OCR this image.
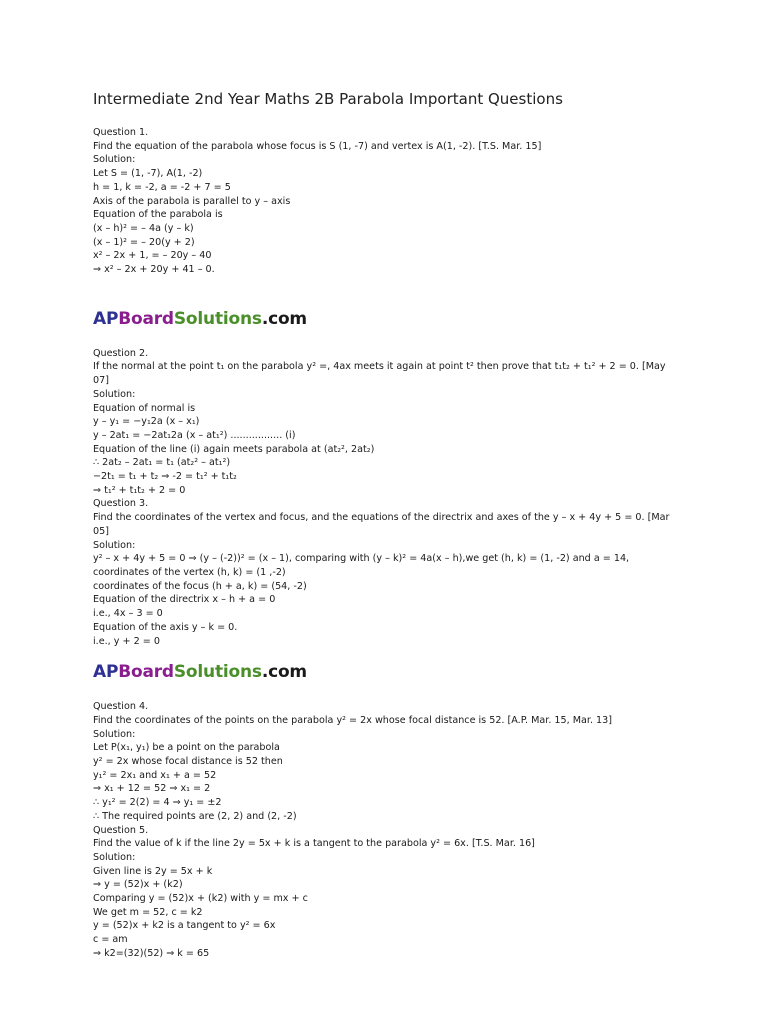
Intermediate 2nd Year Maths 2B Parabola Important Questions
Question 1.
Find the equation of the parabola whose focus is S (1, -7) and vertex is A(1, -2). [T.S. Mar. 15]
Solution:
Let S = (1, -7), A(1, -2)
h = 1, k = -2, a = -2 + 7 = 5
Axis of the parabola is parallel to y – axis
Equation of the parabola is
(x – h)² = – 4a (y – k)
(x – 1)² = – 20(y + 2)
x² – 2x + 1, = – 20y – 40
⇒ x² – 2x + 20y + 41 – 0.
AP Board Solutions .com
Question 2.
If the normal at the point t₁ on the parabola y² =, 4ax meets it again at point t² then prove that t₁t₂ + t₁² + 2 = 0. [May 07]
Solution:
Equation of normal is
y – y₁ = −y₁2a (x – x₁)
y – 2at₁ = −2at₁2a (x – at₁²) ................. (i)
Equation of the line (i) again meets parabola at (at₂², 2at₂)
∴ 2at₂ – 2at₁ = t₁ (at₂² – at₁²)
−2t₁ = t₁ + t₂ ⇒ -2 = t₁² + t₁t₂
⇒ t₁² + t₁t₂ + 2 = 0
Question 3.
Find the coordinates of the vertex and focus, and the equations of the directrix and axes of the y – x + 4y + 5 = 0. [Mar 05]
Solution:
y² – x + 4y + 5 = 0 ⇒ (y – (-2))² = (x – 1), comparing with (y – k)² = 4a(x – h),we get (h, k) = (1, -2) and a = 14, coordinates of the vertex (h, k) = (1 ,-2)
coordinates of the focus (h + a, k) = (54, -2)
Equation of the directrix x – h + a = 0
i.e., 4x – 3 = 0
Equation of the axis y – k = 0.
i.e., y + 2 = 0
AP Board Solutions .com
Question 4.
Find the coordinates of the points on the parabola y² = 2x whose focal distance is 52. [A.P. Mar. 15, Mar. 13]
Solution:
Let P(x₁, y₁) be a point on the parabola
y² = 2x whose focal distance is 52 then
y₁² = 2x₁ and x₁ + a = 52
⇒ x₁ + 12 = 52 ⇒ x₁ = 2
∴ y₁² = 2(2) = 4 ⇒ y₁ = ±2
∴ The required points are (2, 2) and (2, -2)
Question 5.
Find the value of k if the line 2y = 5x + k is a tangent to the parabola y² = 6x. [T.S. Mar. 16]
Solution:
Given line is 2y = 5x + k
⇒ y = (52)x + (k2)
Comparing y = (52)x + (k2) with y = mx + c
We get m = 52, c = k2
y = (52)x + k2 is a tangent to y² = 6x
c = am
⇒ k2=(32)(52) ⇒ k = 65
